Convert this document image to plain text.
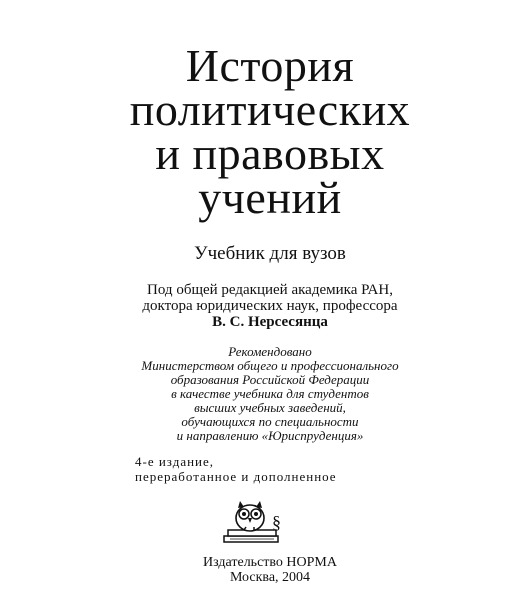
История
политических
и правовых
учений
Учебник для вузов
Под общей редакцией академика РАН,
доктора юридических наук, профессора
В. С. Нерсесянца
Рекомендовано
Министерством общего и профессионального
образования Российской Федерации
в качестве учебника для студентов
высших учебных заведений,
обучающихся по специальности
и направлению «Юриспруденция»
4-е издание,
переработанное и дополненное
§
Издательство НОРМА
Москва, 2004
